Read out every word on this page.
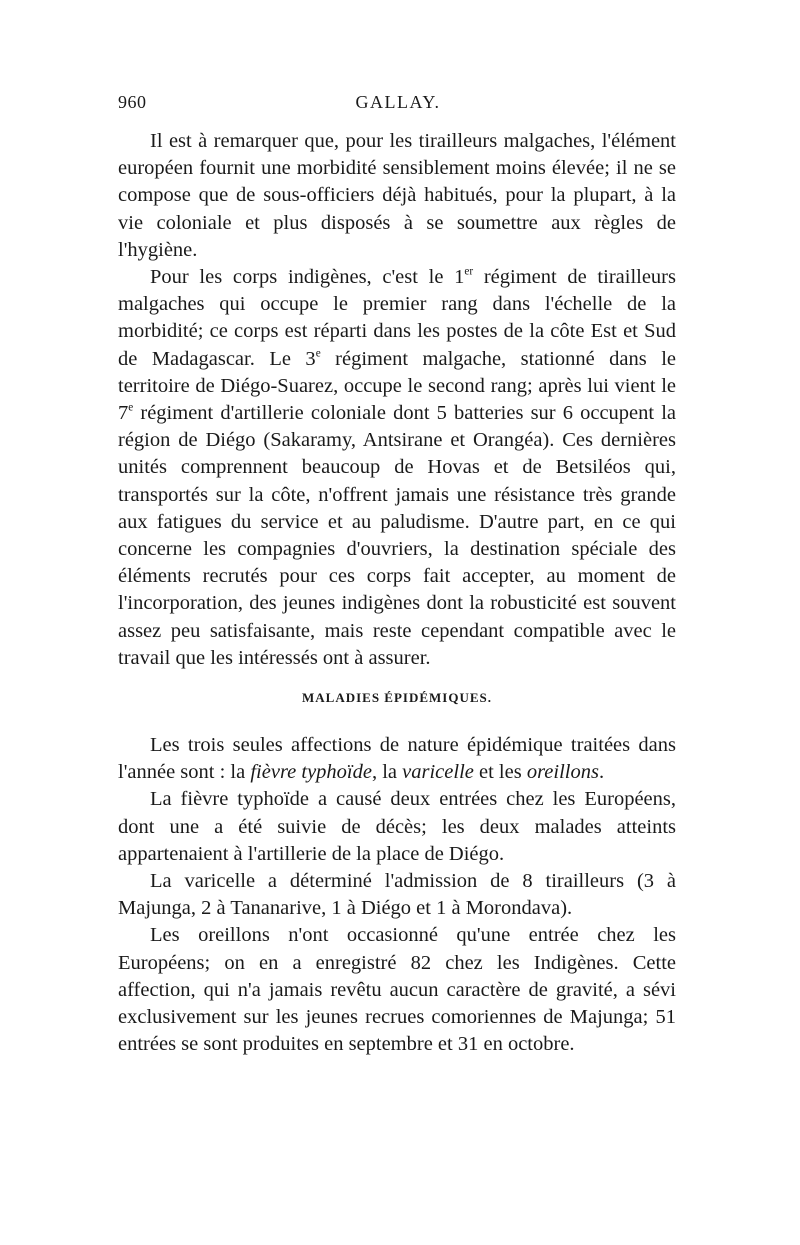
960	GALLAY.

Il est à remarquer que, pour les tirailleurs malgaches, l'élément européen fournit une morbidité sensiblement moins élevée; il ne se compose que de sous-officiers déjà habitués, pour la plupart, à la vie coloniale et plus disposés à se soumettre aux règles de l'hygiène.

Pour les corps indigènes, c'est le 1er régiment de tirailleurs malgaches qui occupe le premier rang dans l'échelle de la morbidité; ce corps est réparti dans les postes de la côte Est et Sud de Madagascar. Le 3e régiment malgache, stationné dans le territoire de Diégo-Suarez, occupe le second rang; après lui vient le 7e régiment d'artillerie coloniale dont 5 batteries sur 6 occupent la région de Diégo (Sakaramy, Antsirane et Orangéa). Ces dernières unités comprennent beaucoup de Hovas et de Betsiléos qui, transportés sur la côte, n'offrent jamais une résistance très grande aux fatigues du service et au paludisme. D'autre part, en ce qui concerne les compagnies d'ouvriers, la destination spéciale des éléments recrutés pour ces corps fait accepter, au moment de l'incorporation, des jeunes indigènes dont la robusticité est souvent assez peu satisfaisante, mais reste cependant compatible avec le travail que les intéressés ont à assurer.

MALADIES ÉPIDÉMIQUES.

Les trois seules affections de nature épidémique traitées dans l'année sont : la fièvre typhoïde, la varicelle et les oreillons.

La fièvre typhoïde a causé deux entrées chez les Européens, dont une a été suivie de décès; les deux malades atteints appartenaient à l'artillerie de la place de Diégo.

La varicelle a déterminé l'admission de 8 tirailleurs (3 à Majunga, 2 à Tananarive, 1 à Diégo et 1 à Morondava).

Les oreillons n'ont occasionné qu'une entrée chez les Européens; on en a enregistré 82 chez les Indigènes. Cette affection, qui n'a jamais revêtu aucun caractère de gravité, a sévi exclusivement sur les jeunes recrues comoriennes de Majunga; 51 entrées se sont produites en septembre et 31 en octobre.
